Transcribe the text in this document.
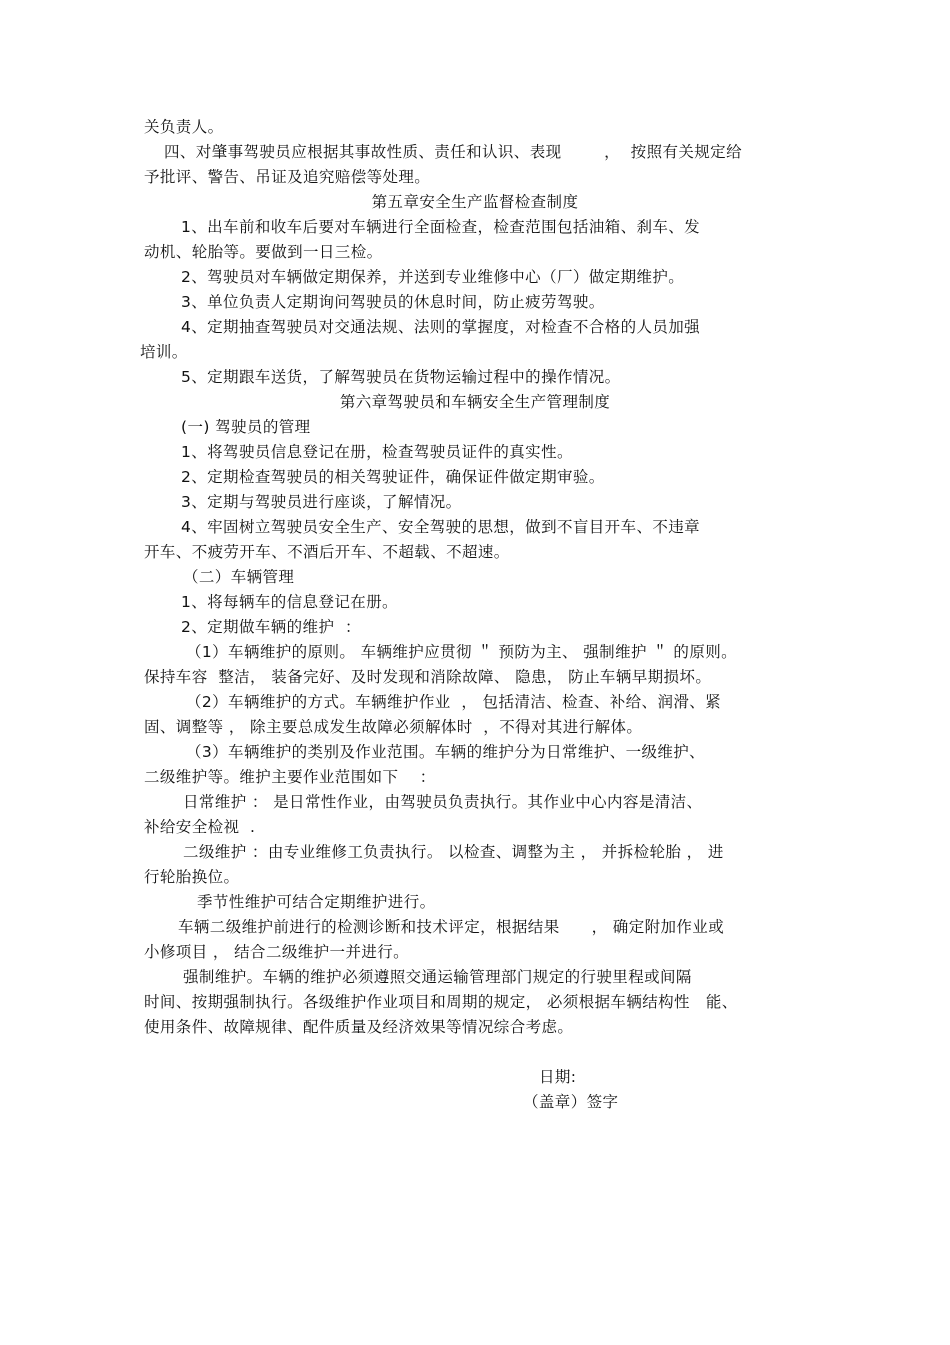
关负责人。
四、对肇事驾驶员应根据其事故性质、责任和认识、表现        ，  按照有关规定给
予批评、警告、吊证及追究赔偿等处理。
第五章安全生产监督检查制度
1、出车前和收车后要对车辆进行全面检查，检查范围包括油箱、刹车、发
动机、轮胎等。要做到一日三检。
2、驾驶员对车辆做定期保养，并送到专业维修中心（厂）做定期维护。
3、单位负责人定期询问驾驶员的休息时间，防止疲劳驾驶。
4、定期抽查驾驶员对交通法规、法则的掌握度，对检查不合格的人员加强
培训。
5、定期跟车送货，了解驾驶员在货物运输过程中的操作情况。
第六章驾驶员和车辆安全生产管理制度
(一) 驾驶员的管理
1、将驾驶员信息登记在册，检查驾驶员证件的真实性。
2、定期检查驾驶员的相关驾驶证件，确保证件做定期审验。
3、定期与驾驶员进行座谈，了解情况。
4、牢固树立驾驶员安全生产、安全驾驶的思想，做到不盲目开车、不违章
开车、不疲劳开车、不酒后开车、不超载、不超速。
（二）车辆管理
1、将每辆车的信息登记在册。
2、定期做车辆的维护  ：
（1）车辆维护的原则。 车辆维护应贯彻 ＂ 预防为主、 强制维护 ＂ 的原则。
保持车容  整洁， 装备完好、及时发现和消除故障、 隐患， 防止车辆早期损坏。
（2）车辆维护的方式。车辆维护作业  ， 包括清洁、检查、补给、润滑、紧
固、调整等 ， 除主要总成发生故障必须解体时  ，不得对其进行解体。
（3）车辆维护的类别及作业范围。车辆的维护分为日常维护、一级维护、
二级维护等。维护主要作业范围如下    ：
日常维护 ： 是日常性作业，由驾驶员负责执行。其作业中心内容是清洁、
补给安全检视  .
二级维护 ：由专业维修工负责执行。 以检查、调整为主 ， 并拆检轮胎 ， 进
行轮胎换位。
季节性维护可结合定期维护进行。
车辆二级维护前进行的检测诊断和技术评定，根据结果      ， 确定附加作业或
小修项目 ， 结合二级维护一并进行。
强制维护。车辆的维护必须遵照交通运输管理部门规定的行驶里程或间隔
时间、按期强制执行。各级维护作业项目和周期的规定， 必须根据车辆结构性   能、
使用条件、故障规律、配件质量及经济效果等情况综合考虑。
日期:
（盖章）签字
